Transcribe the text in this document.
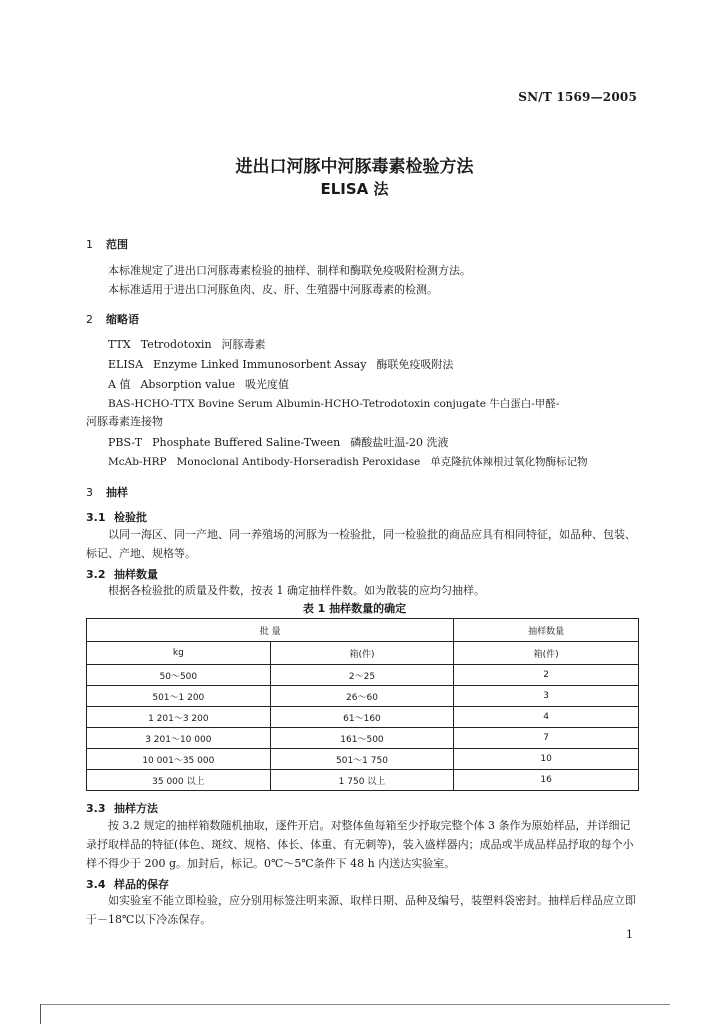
SN/T 1569—2005
进出口河豚中河豚毒素检验方法
ELISA 法
1 范围
本标准规定了进出口河豚毒素检验的抽样、制样和酶联免疫吸附检测方法。
本标准适用于进出口河豚鱼肉、皮、肝、生殖器中河豚毒素的检测。
2 缩略语
TTX Tetrodotoxin 河豚毒素
ELISA Enzyme Linked Immunosorbent Assay 酶联免疫吸附法
A 值 Absorption value 吸光度值
BAS-HCHO-TTX Bovine Serum Albumin-HCHO-Tetrodotoxin conjugate 牛白蛋白-甲醛-
河豚毒素连接物
PBS-T Phosphate Buffered Saline-Tween 磷酸盐吐温-20 洗液
McAb-HRP Monoclonal Antibody-Horseradish Peroxidase 单克隆抗体辣根过氧化物酶标记物
3 抽样
3.1 检验批
以同一海区、同一产地、同一养殖场的河豚为一检验批，同一检验批的商品应具有相同特征，如品种、包装、标记、产地、规格等。
3.2 抽样数量
根据各检验批的质量及件数，按表 1 确定抽样件数。如为散装的应均匀抽样。
表 1 抽样数量的确定
批 量		抽样数量
kg	箱(件)	箱(件)
50～500	2～25	2
501～1 200	26～60	3
1 201～3 200	61～160	4
3 201～10 000	161～500	7
10 001～35 000	501～1 750	10
35 000 以上	1 750 以上	16
3.3 抽样方法
按 3.2 规定的抽样箱数随机抽取，逐件开启。对整体鱼每箱至少抒取完整个体 3 条作为原始样品，并详细记录抒取样品的特征(体色、斑纹、规格、体长、体重、有无刺等)，装入盛样器内；成品或半成品样品抒取的每个小样不得少于 200 g。加封后，标记。0℃～5℃条件下 48 h 内送达实验室。
3.4 样品的保存
如实验室不能立即检验，应分别用标签注明来源、取样日期、品种及编号，装塑料袋密封。抽样后样品应立即于－18℃以下冷冻保存。
1
